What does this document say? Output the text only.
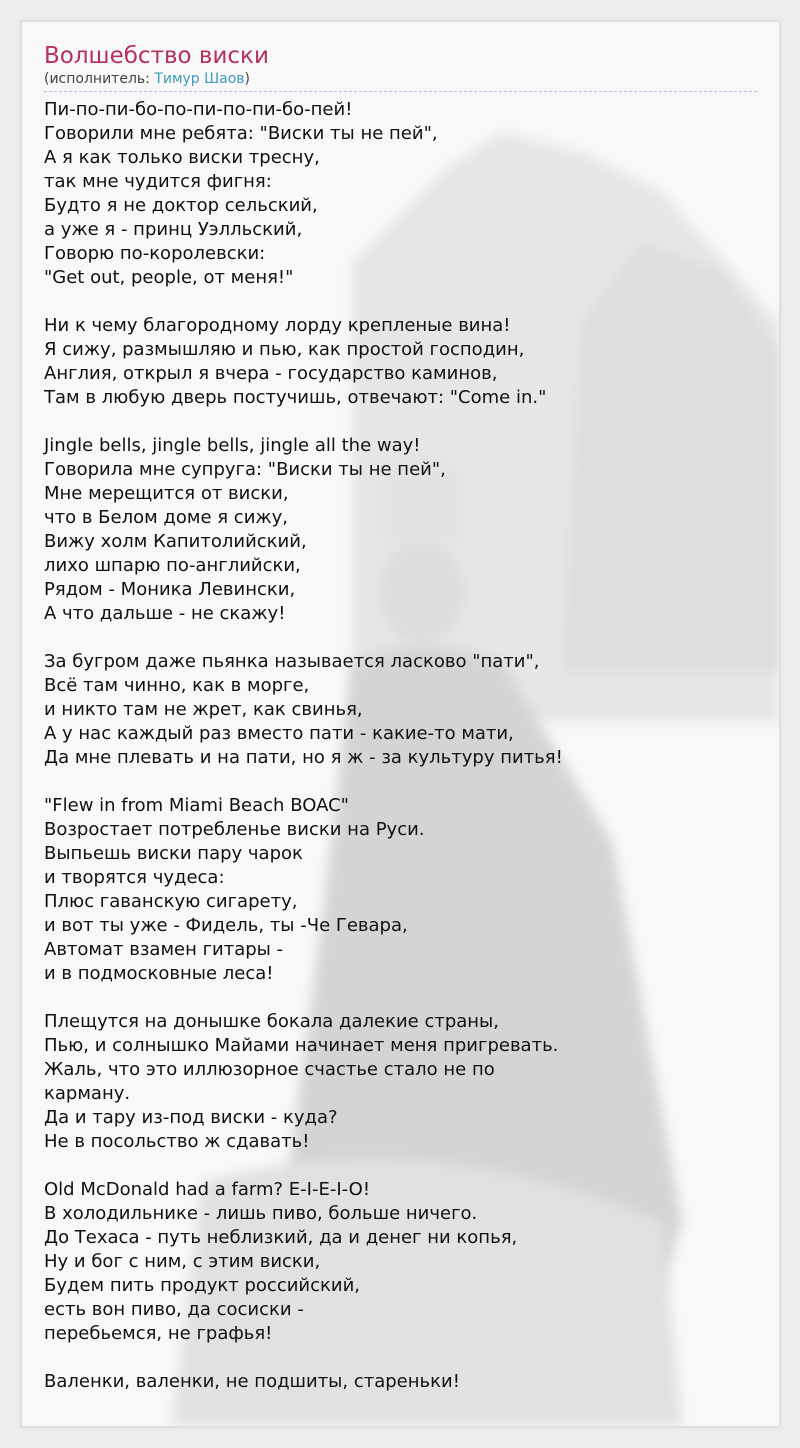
Волшебство виски
(исполнитель: Тимур Шаов)
Пи-по-пи-бо-по-пи-по-пи-бо-пей!
Говорили мне ребята: "Виски ты не пей",
А я как только виски тресну,
так мне чудится фигня:
Будто я не доктор сельский,
а уже я - принц Уэлльский,
Говорю по-королевски:
"Get out, people, от меня!"

Ни к чему благородному лорду крепленые вина!
Я сижу, размышляю и пью, как простой господин,
Англия, открыл я вчера - государство каминов,
Там в любую дверь постучишь, отвечают: "Come in."

Jingle bells, jingle bells, jingle all the way!
Говорила мне супруга: "Виски ты не пей",
Мне мерещится от виски,
что в Белом доме я сижу,
Вижу холм Капитолийский,
лихо шпарю по-английски,
Рядом - Моника Левински,
А что дальше - не скажу!

За бугром даже пьянка называется ласково "пати",
Всё там чинно, как в морге,
и никто там не жрет, как свинья,
А у нас каждый раз вместо пати - какие-то мати,
Да мне плевать и на пати, но я ж - за культуру питья!

"Flew in from Miami Beach BOAC"
Возростает потребленье виски на Руси.
Выпьешь виски пару чарок
и творятся чудеса:
Плюс гаванскую сигарету,
и вот ты уже - Фидель, ты -Че Гевара,
Автомат взамен гитары -
и в подмосковные леса!

Плещутся на донышке бокала далекие страны,
Пью, и солнышко Майами начинает меня пригревать.
Жаль, что это иллюзорное счастье стало не по
карману.
Да и тару из-под виски - куда?
Не в посольство ж сдавать!

Old McDonald had a farm? E-I-E-I-O!
В холодильнике - лишь пиво, больше ничего.
До Техаса - путь неблизкий, да и денег ни копья,
Ну и бог с ним, с этим виски,
Будем пить продукт российский,
есть вон пиво, да сосиски -
перебьемся, не графья!

Валенки, валенки, не подшиты, стареньки!
